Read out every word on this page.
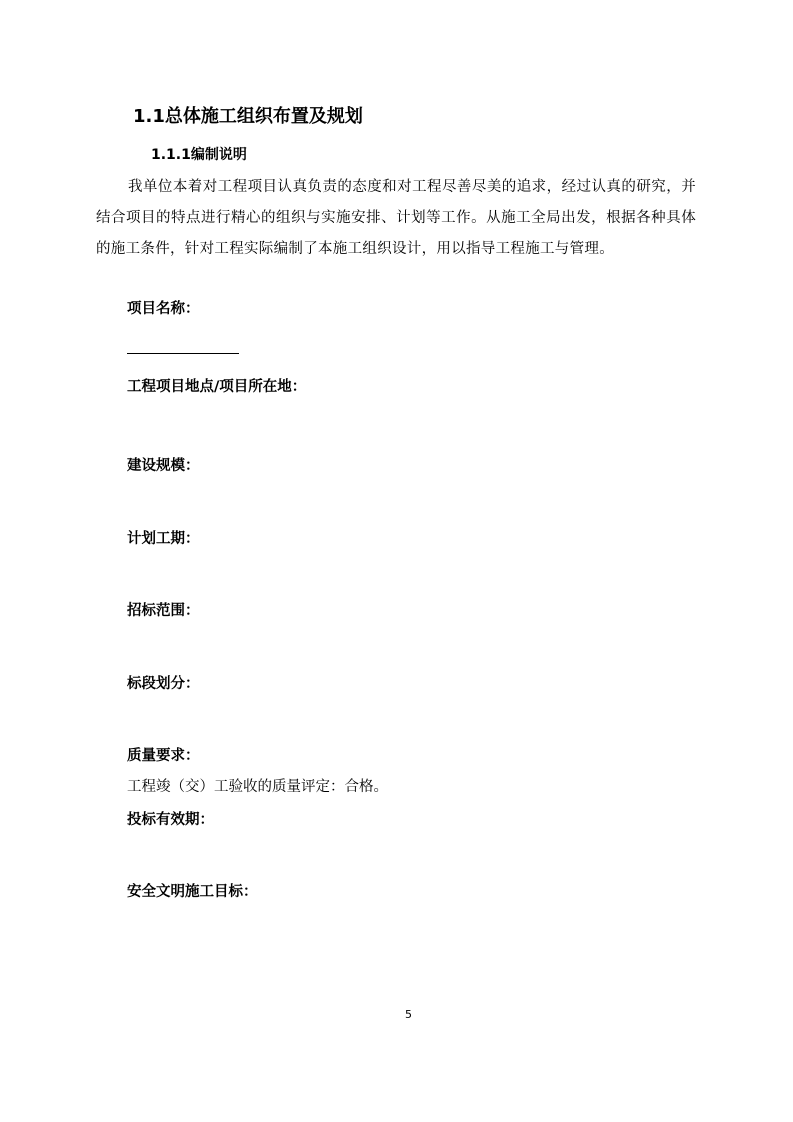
1.1总体施工组织布置及规划
1.1.1编制说明

我单位本着对工程项目认真负责的态度和对工程尽善尽美的追求，经过认真的研究，并结合项目的特点进行精心的组织与实施安排、计划等工作。从施工全局出发，根据各种具体的施工条件，针对工程实际编制了本施工组织设计，用以指导工程施工与管理。

项目名称：
工程项目地点/项目所在地：
建设规模：
计划工期：
招标范围：
标段划分：
质量要求：
工程竣（交）工验收的质量评定：合格。
投标有效期：
安全文明施工目标：
5
